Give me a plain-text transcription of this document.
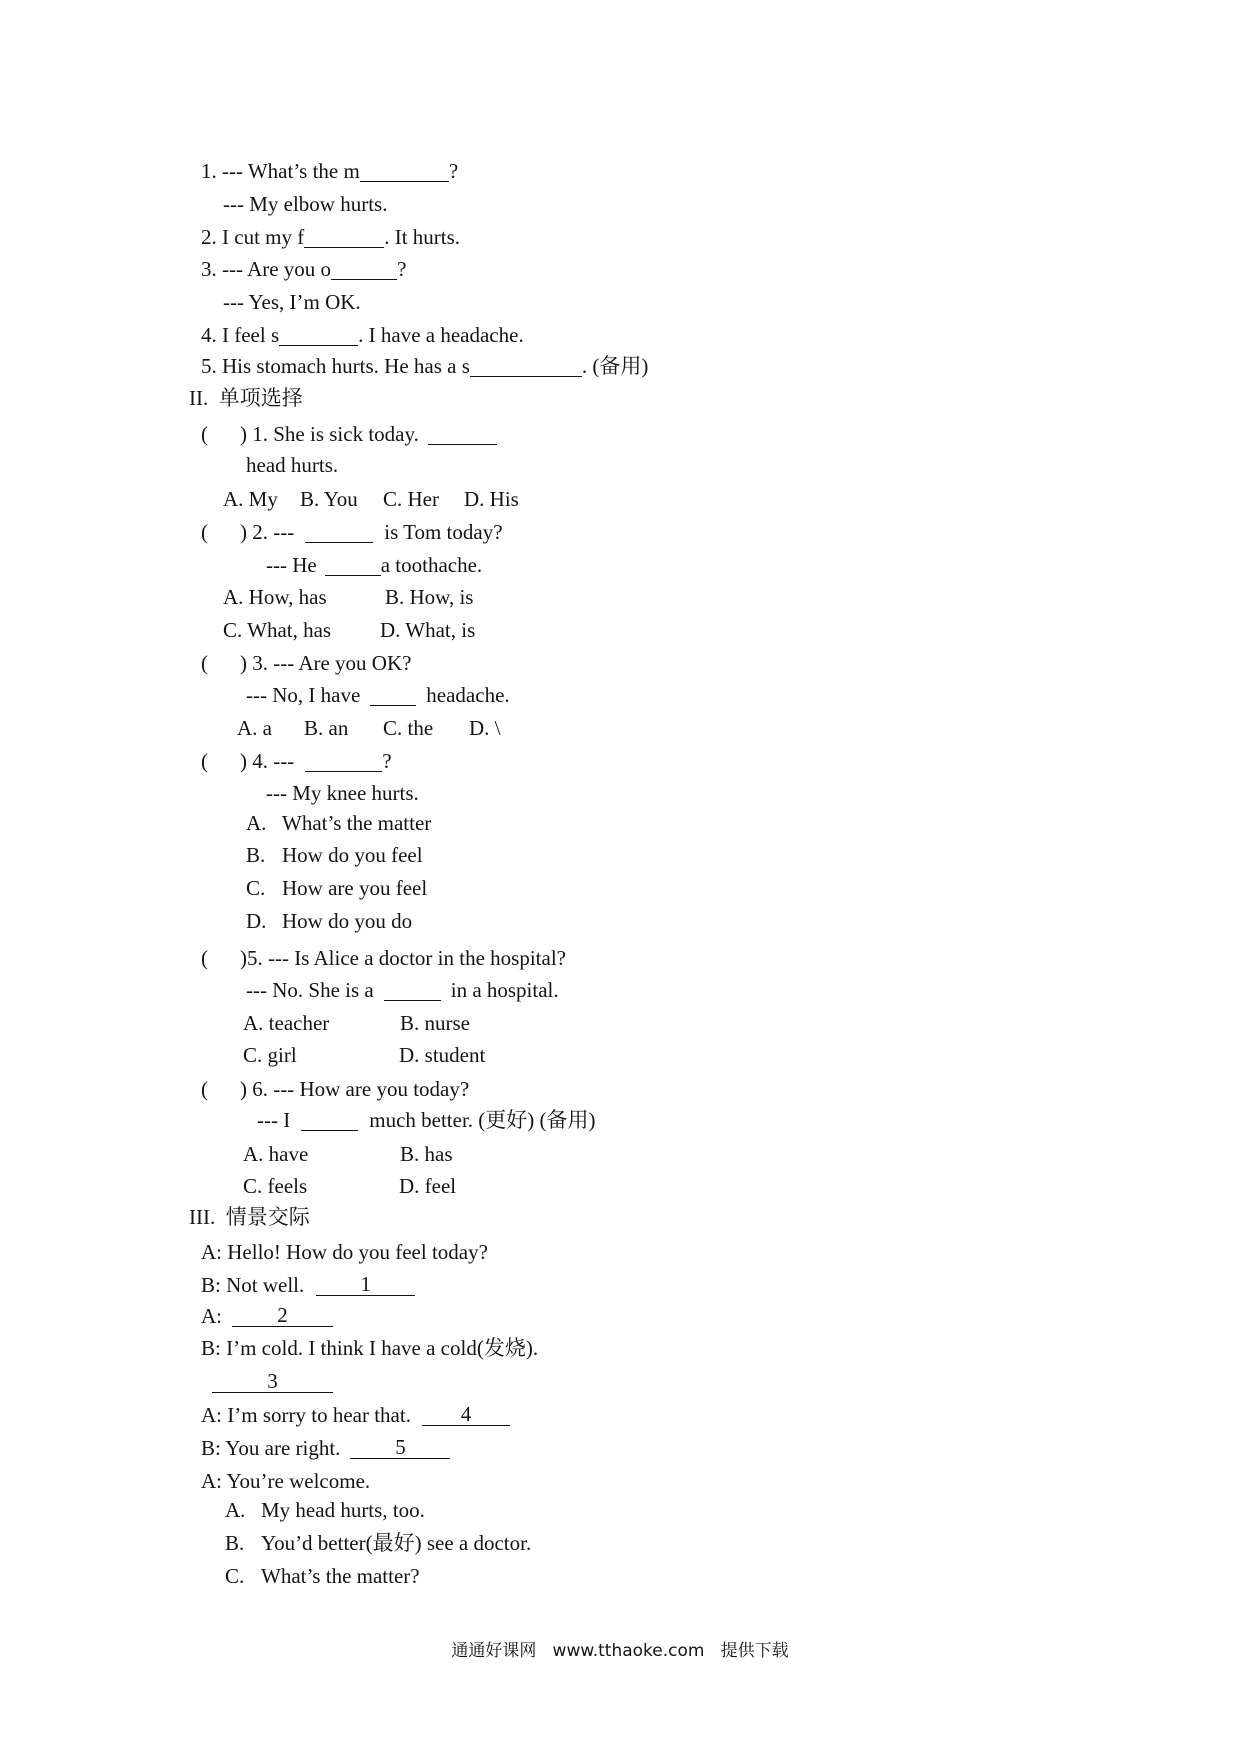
1. --- What’s the m	?
--- My elbow hurts.
2. I cut my f	. It hurts.
3. --- Are you o	?
--- Yes, I’m OK.
4. I feel s	. I have a headache.
5. His stomach hurts. He has a s	. (备用)
II.  单项选择
( ) 1. She is sick today.
head hurts.
A. My B. You C. Her D. His
( ) 2. ---	is Tom today?
--- He	a toothache.
A. How, has	B. How, is
C. What, has D. What, is
( ) 3. --- Are you OK?
--- No, I have	headache.
A. a B. an C. the D. \
( ) 4. ---	?
--- My knee hurts.
A. What’s the matter
B. How do you feel
C. How are you feel
D. How do you do
( )5. --- Is Alice a doctor in the hospital?
--- No. She is a	in a hospital.
A. teacher	B. nurse
C. girl	D. student
( ) 6. --- How are you today?
--- I	much better. (更好) (备用)
A. have	B. has
C. feels	D. feel
III.  情景交际
A: Hello! How do you feel today?
B: Not well.	1
A:	2
B: I’m cold. I think I have a cold(发烧).
3
A: I’m sorry to hear that.	4
B: You are right.	5
A: You’re welcome.
A. My head hurts, too.
B. You’d better(最好) see a doctor.
C. What’s the matter?
通通好课网   www.tthaoke.com   提供下载
